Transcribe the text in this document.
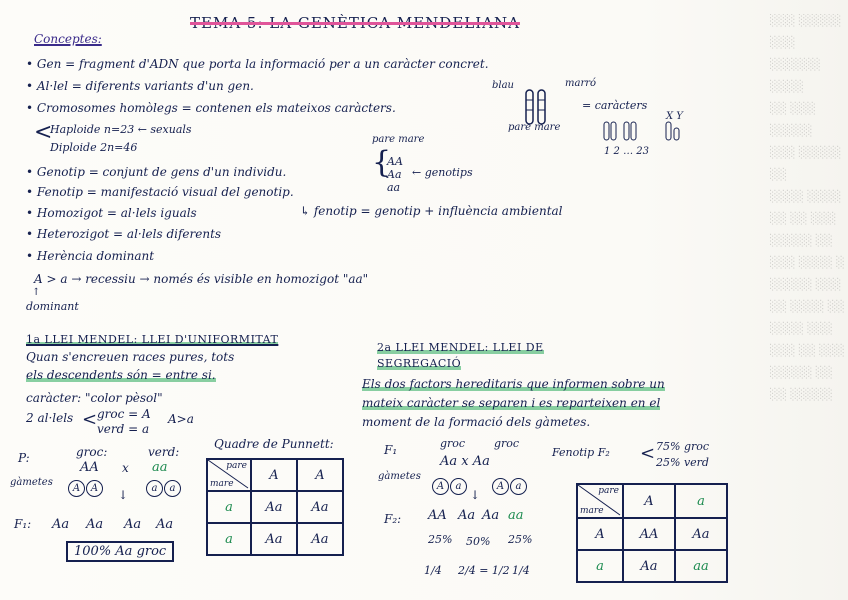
░░░ ░░░░░ ░░░
░░░░░░ ░░░░
░░ ░░░ ░░░░░
░░░ ░░░░░ ░░
░░░░ ░░░░
░░ ░░ ░░░
░░░░░ ░░
░░░ ░░░░ ░
░░░░░ ░░░
░░ ░░░░ ░░
░░░░ ░░░
░░░ ░░ ░░░
░░░░░ ░░
░░ ░░░░░
TEMA 5: LA GENÈTICA MENDELIANA
Conceptes:
• Gen = fragment d'ADN que porta la informació per a un caràcter concret.
• Al·lel = diferents variants d'un gen.
• Cromosomes homòlegs = contenen els mateixos caràcters.
<
Haploide n=23 ← sexuals
Diploide 2n=46
• Genotip = conjunt de gens d'un individu.
• Fenotip = manifestació visual del genotip.
• Homozigot = al·lels iguals
• Heterozigot = al·lels diferents
• Herència dominant
A > a → recessiu → només és visible en homozigot "aa"
↑
dominant
blau	marró
= caràcters
pare mare
X Y
1 2 … 23
pare mare
{
AA
Aa
aa
← genotips
↳ fenotip = genotip + influència ambiental
1a LLEI MENDEL: LLEI D'UNIFORMITAT
Quan s'encreuen races pures, tots
els descendents són = entre si.
caràcter: "color pèsol"
2 al·lels < groc = A
verd = a
A>a
P:	groc:	verd:
AA x aa
gàmetes
A A	a a
↓
F₁: Aa Aa Aa Aa
100% Aa groc
Quadre de Punnett:
pare
mare	A	A
a	Aa	Aa
a	Aa	Aa
2a LLEI MENDEL: LLEI DE
SEGREGACIÓ
Els dos factors hereditaris que informen sobre un
mateix caràcter se separen i es reparteixen en el
moment de la formació dels gàmetes.
F₁	groc	groc
Aa x Aa
gàmetes
A a	A a
↓
F₂: AA Aa Aa aa
25% 50% 25%
1/4 2/4 = 1/2 1/4
Fenotip F₂ < 75% groc
25% verd
pare
mare	A	a
A	AA	Aa
a	Aa	aa
